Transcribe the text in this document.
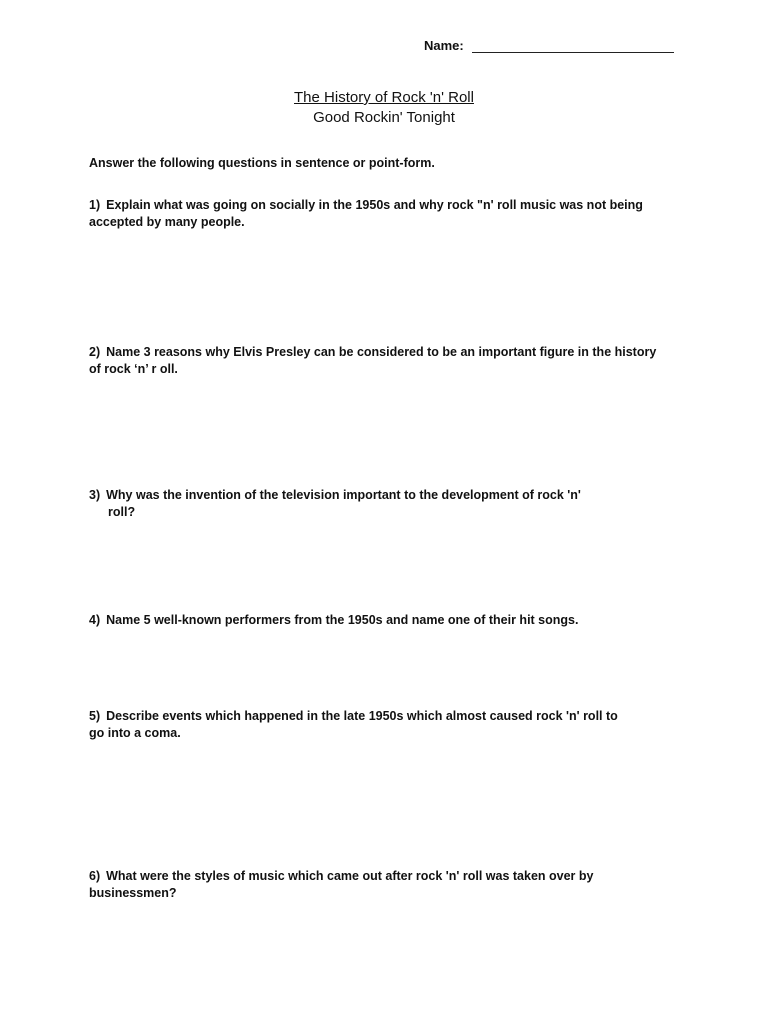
Name:
The History of Rock 'n' Roll
Good Rockin' Tonight
Answer the following questions in sentence or point-form.
1) Explain what was going on socially in the 1950s and why rock "n' roll music was not being accepted by many people.
2) Name 3 reasons why Elvis Presley can be considered to be an important figure in the history of rock ‘n’ r oll.
3) Why was the invention of the television important to the development of rock 'n'
roll?
4) Name 5 well-known performers from the 1950s and name one of their hit songs.
5) Describe events which happened in the late 1950s which almost caused rock 'n' roll to go into a coma.
6) What were the styles of music which came out after rock 'n' roll was taken over by businessmen?
